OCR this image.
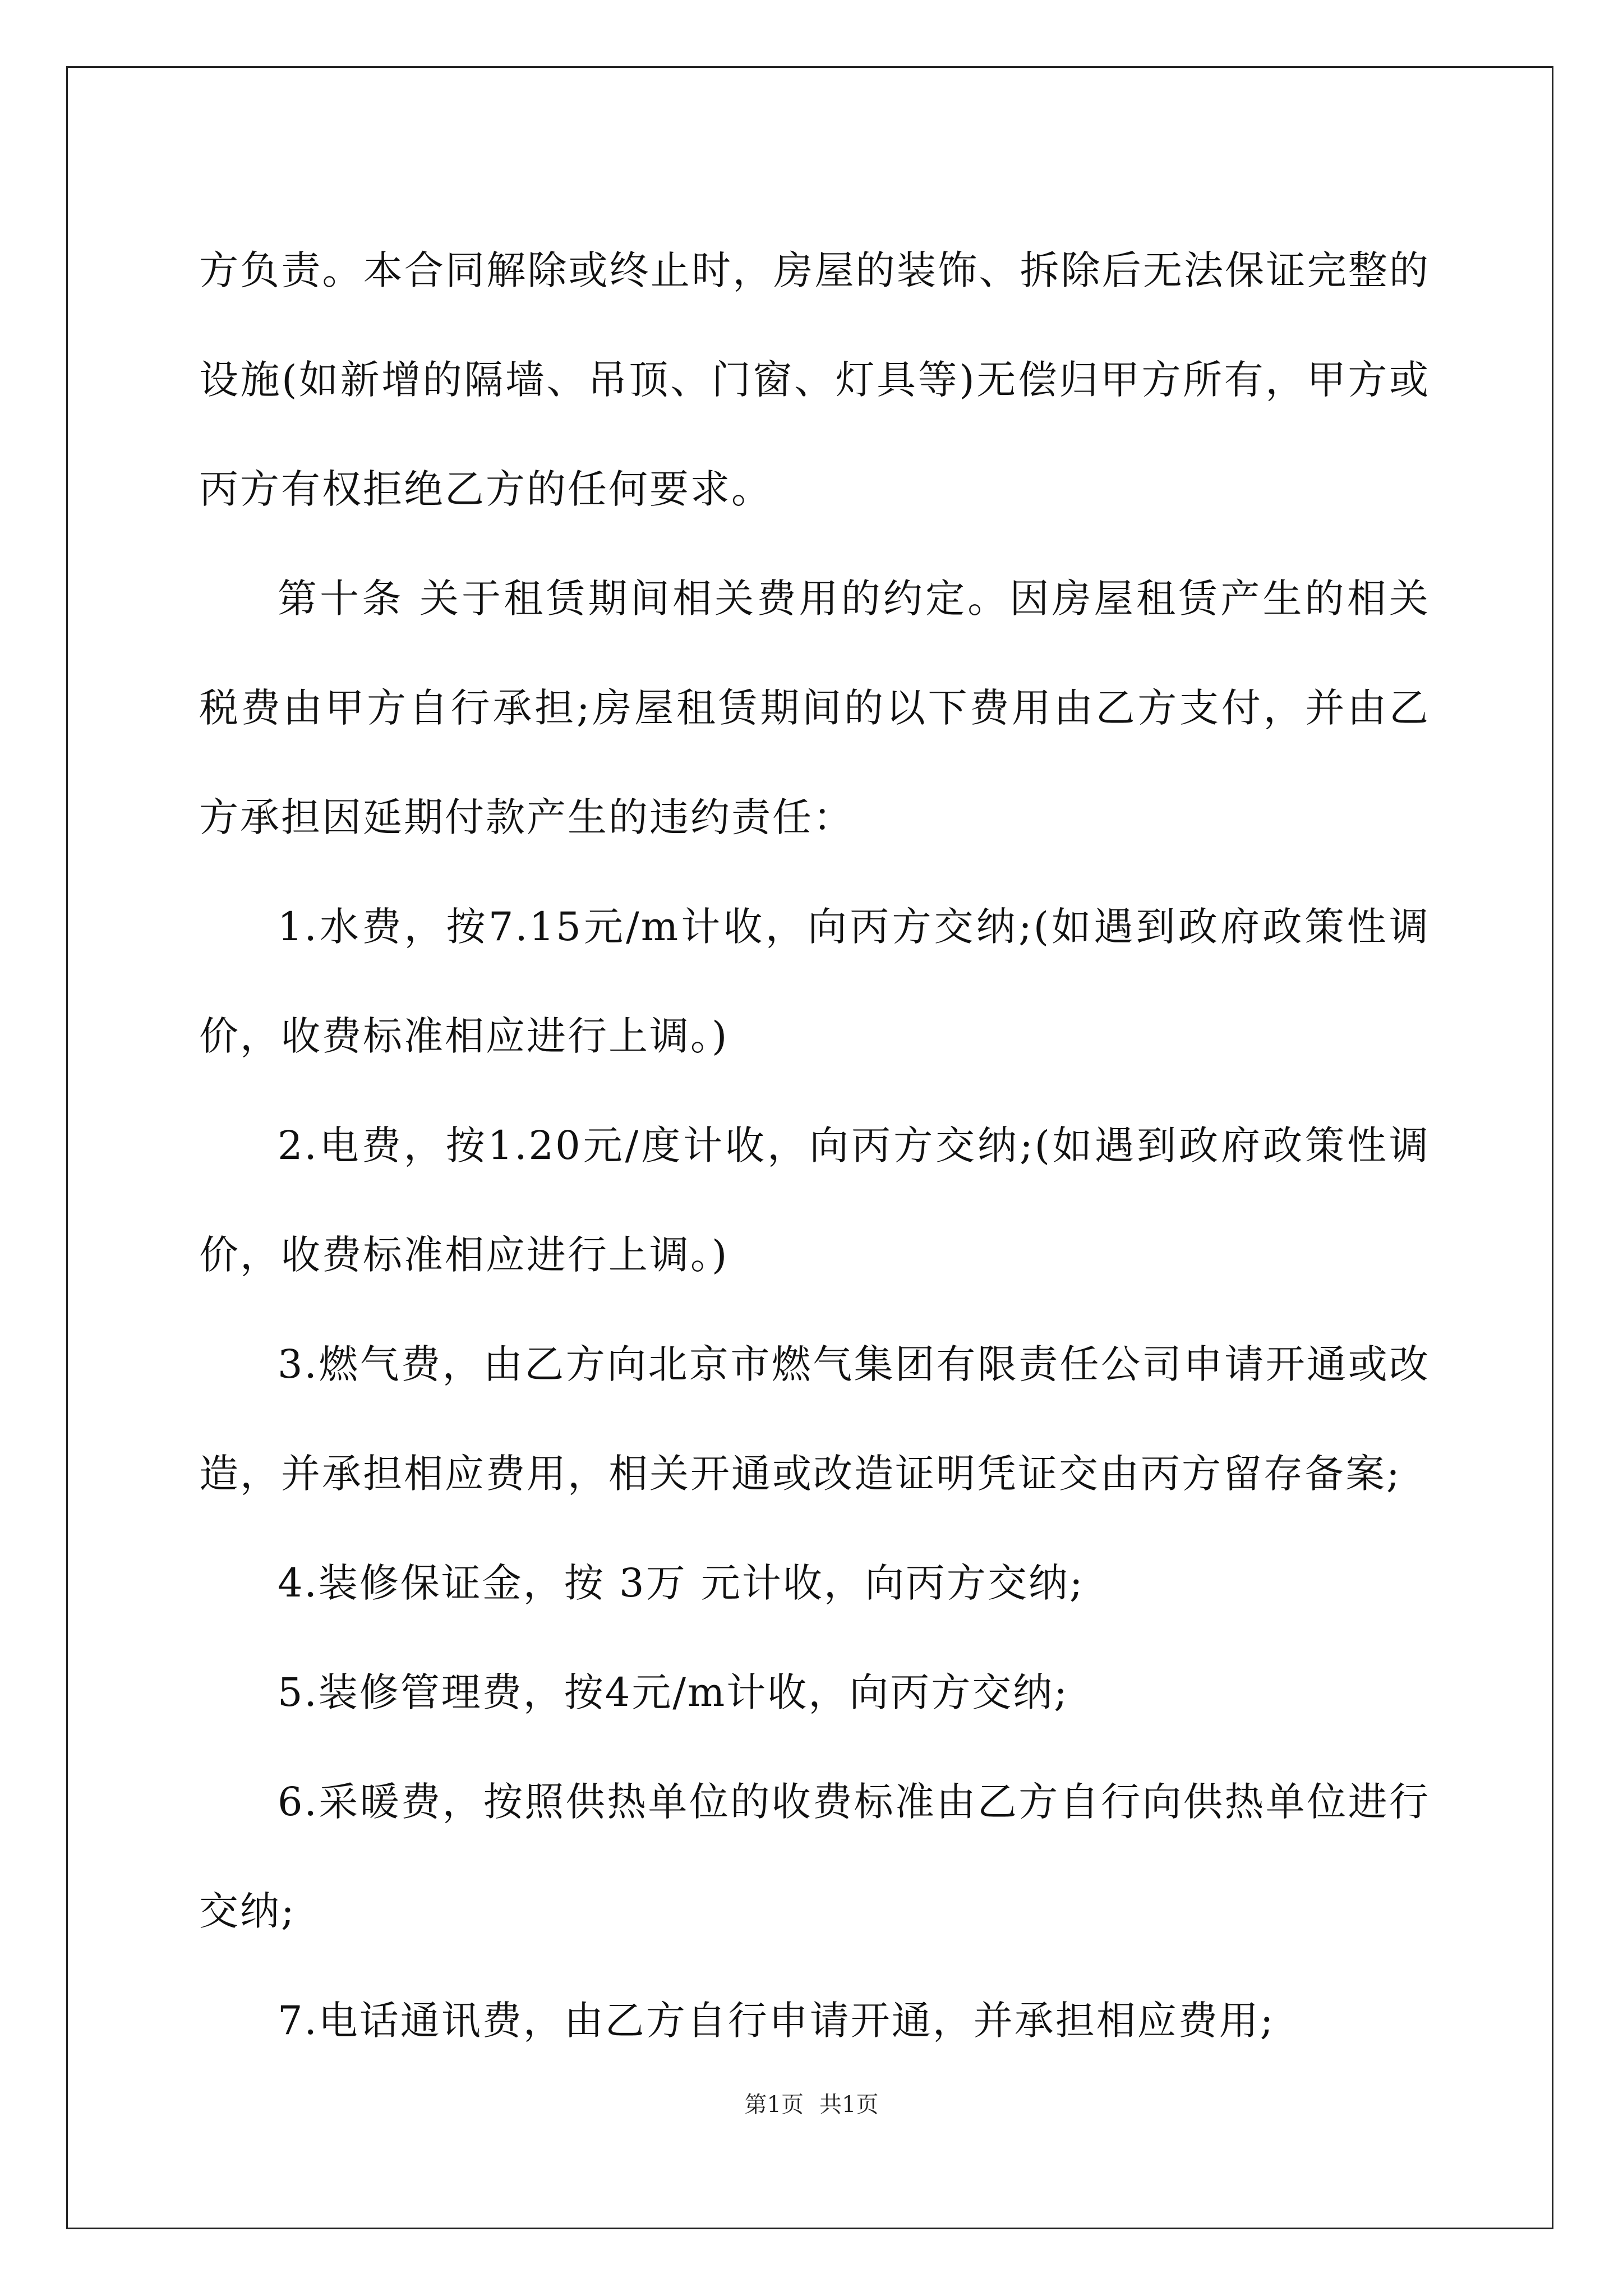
方负责。本合同解除或终止时，房屋的装饰、拆除后无法保证完整的设施(如新增的隔墙、吊顶、门窗、灯具等)无偿归甲方所有，甲方或丙方有权拒绝乙方的任何要求。

第十条 关于租赁期间相关费用的约定。因房屋租赁产生的相关税费由甲方自行承担;房屋租赁期间的以下费用由乙方支付，并由乙方承担因延期付款产生的违约责任：

1.水费，按7.15元/m计收，向丙方交纳;(如遇到政府政策性调价，收费标准相应进行上调。)

2.电费，按1.20元/度计收，向丙方交纳;(如遇到政府政策性调价，收费标准相应进行上调。)

3.燃气费，由乙方向北京市燃气集团有限责任公司申请开通或改造，并承担相应费用，相关开通或改造证明凭证交由丙方留存备案;

4.装修保证金，按 3万 元计收，向丙方交纳;

5.装修管理费，按4元/m计收，向丙方交纳;

6.采暖费，按照供热单位的收费标准由乙方自行向供热单位进行交纳;

7.电话通讯费，由乙方自行申请开通，并承担相应费用;

第1页 共1页
